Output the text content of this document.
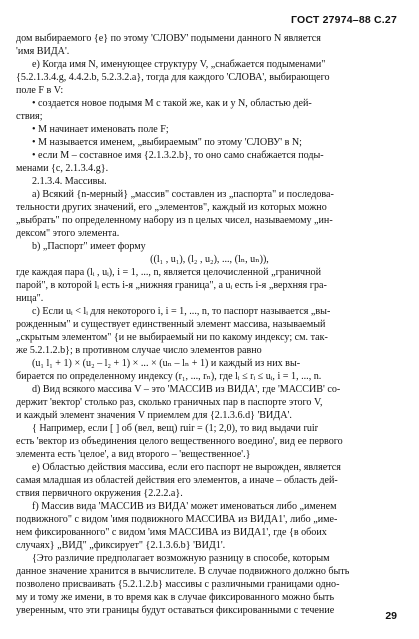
ГОСТ 27974–88 С.27

дом выбираемого {e} по этому 'СЛОВУ' подымени данного N является

'имя ВИДА'.

е) Когда имя N, именующее структуру V, „снабжается подыменами"

{5.2.1.3.4.g, 4.4.2.b, 5.2.3.2.a}, тогда для каждого 'СЛОВА', выбирающего

поле F в V:

• создается новое подымя М с такой же, как и у N, областью дей-

ствия;

• М начинает именовать поле F;

• М называется именем, „выбираемым" по этому 'СЛОВУ' в N;

• если М – составное имя {2.1.3.2.b}, то оно само снабжается поды-

менами {с, 2.1.3.4.g}.

2.1.3.4. Массивы.

а) Всякий {n-мерный} „массив" составлен из „паспорта" и последова-

тельности других значений, его „элементов", каждый из которых можно

„выбрать" по определенному набору из n целых чисел, называемому „ин-

дексом" этого элемента.

b) „Паспорт" имеет форму

((l₁ , u₁), (l₂ , u₂), ..., (lₙ, uₙ)),

где каждая пара (lᵢ , uᵢ), i = 1, ..., n, является целочисленной „граничной

парой", в которой lᵢ есть i-я „нижняя граница", а uᵢ есть i-я „верхняя гра-

ница".

с) Если uᵢ < lᵢ для некоторого i, i = 1, ..., n, то паспорт называется „вы-

рожденным" и существует единственный элемент массива, называемый

„скрытым элементом" {и не выбираемый ни по какому индексу; см. так-

же 5.2.1.2.b}; в противном случае число элементов равно

(u₁ l₁ + 1) × (u₂ – l₂ + 1) × ... × (uₙ – lₙ + 1) и каждый из них вы-

бирается по определенному индексу (r₁, ..., rₙ), где lᵢ ≤ rᵢ ≤ uᵢ, i = 1, ..., n.

d) Вид всякого массива V – это 'МАССИВ из ВИДА', где 'МАССИВ' со-

держит 'вектор' столько раз, сколько граничных пар в паспорте этого V,

и каждый элемент значения V приемлем для {2.1.3.6.d} 'ВИДА'.

{ Например, если [ ] об (вел, вещ) ruir = (1; 2,0), то вид выдачи ruir

есть 'вектор из объединения целого вещественного воедино', вид ее первого

элемента есть 'целое', а вид второго – 'вещественное'.}

е) Областью действия массива, если его паспорт не вырожден, является

самая младшая из областей действия его элементов, а иначе – область дей-

ствия первичного окружения {2.2.2.a}.

f) Массив вида 'МАССИВ из ВИДА' может именоваться либо „именем

подвижного" с видом 'имя подвижного МАССИВА из ВИДА1', либо „име-

нем фиксированного" с видом 'имя МАССИВА из ВИДА1', где {в обоих

случаях} „ВИД" „фиксирует" {2.1.3.6.b} 'ВИД1'.

{Это различие предполагает возможную разницу в способе, которым

данное значение хранится в вычислителе. В случае подвижного должно быть

позволено присваивать {5.2.1.2.b} массивы с различными границами одно-

му и тому же имени, в то время как в случае фиксированного можно быть

уверенным, что эти границы будут оставаться фиксированными с течение	29
